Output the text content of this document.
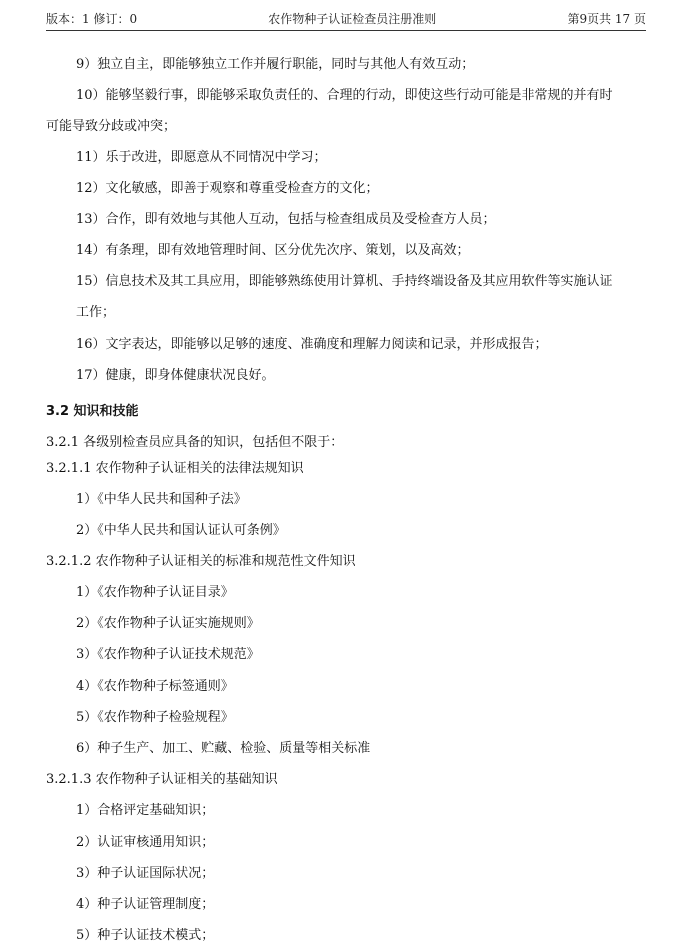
版本：1 修订：0	农作物种子认证检查员注册准则	第9页共 17 页
9）独立自主，即能够独立工作并履行职能，同时与其他人有效互动；
10）能够坚毅行事，即能够采取负责任的、合理的行动，即使这些行动可能是非常规的并有时
可能导致分歧或冲突；
11）乐于改进，即愿意从不同情况中学习；
12）文化敏感，即善于观察和尊重受检查方的文化；
13）合作，即有效地与其他人互动，包括与检查组成员及受检查方人员；
14）有条理，即有效地管理时间、区分优先次序、策划，以及高效；
15）信息技术及其工具应用，即能够熟练使用计算机、手持终端设备及其应用软件等实施认证
工作；
16）文字表达，即能够以足够的速度、准确度和理解力阅读和记录，并形成报告；
17）健康，即身体健康状况良好。
3.2 知识和技能
3.2.1 各级别检查员应具备的知识，包括但不限于：
3.2.1.1 农作物种子认证相关的法律法规知识
1）《中华人民共和国种子法》
2）《中华人民共和国认证认可条例》
3.2.1.2 农作物种子认证相关的标准和规范性文件知识
1）《农作物种子认证目录》
2）《农作物种子认证实施规则》
3）《农作物种子认证技术规范》
4）《农作物种子标签通则》
5）《农作物种子检验规程》
6）种子生产、加工、贮藏、检验、质量等相关标准
3.2.1.3 农作物种子认证相关的基础知识
1）合格评定基础知识；
2）认证审核通用知识；
3）种子认证国际状况；
4）种子认证管理制度；
5）种子认证技术模式；
